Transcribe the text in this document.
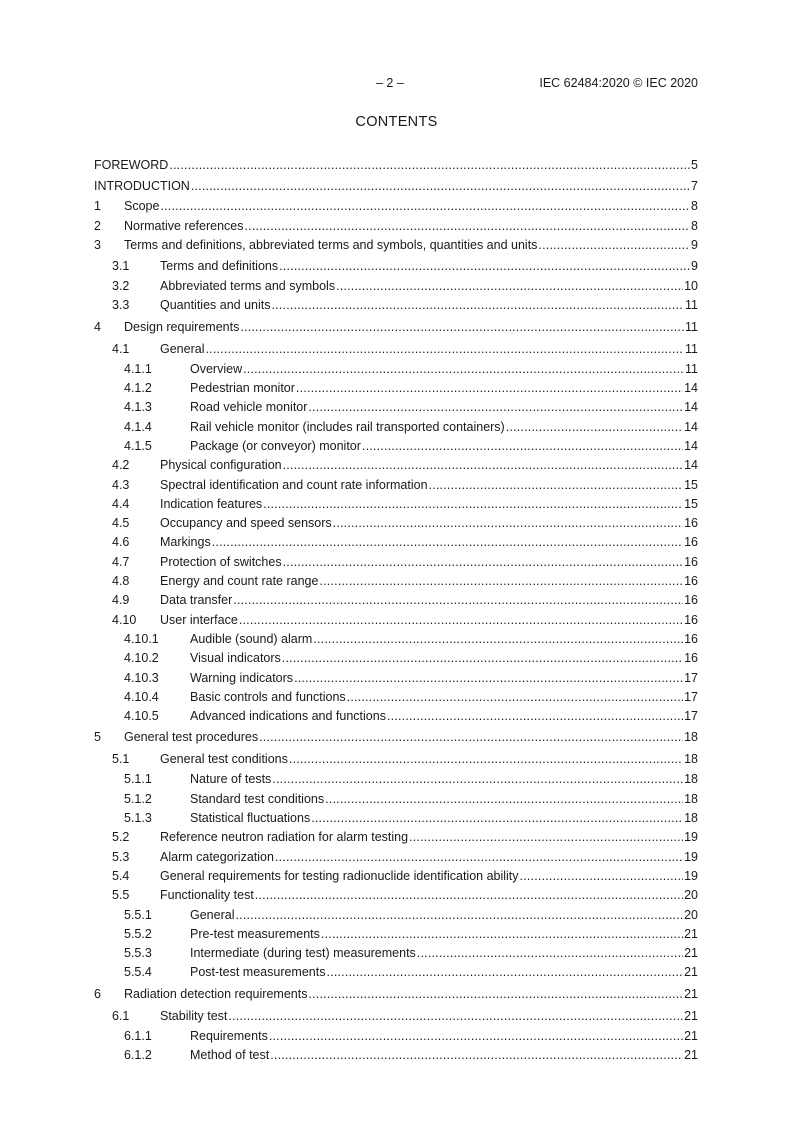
– 2 –	IEC 62484:2020 © IEC 2020
CONTENTS
FOREWORD .....	5
INTRODUCTION .....	7
1 Scope .....	8
2 Normative references .....	8
3 Terms and definitions, abbreviated terms and symbols, quantities and units .....	9
3.1 Terms and definitions .....	9
3.2 Abbreviated terms and symbols .....	10
3.3 Quantities and units .....	11
4 Design requirements .....	11
4.1 General .....	11
4.1.1	Overview .....	11
4.1.2	Pedestrian monitor .....	14
4.1.3	Road vehicle monitor .....	14
4.1.4	Rail vehicle monitor (includes rail transported containers) .....	14
4.1.5	Package (or conveyor) monitor .....	14
4.2 Physical configuration .....	14
4.3 Spectral identification and count rate information .....	15
4.4 Indication features .....	15
4.5 Occupancy and speed sensors .....	16
4.6 Markings .....	16
4.7 Protection of switches .....	16
4.8 Energy and count rate range .....	16
4.9 Data transfer .....	16
4.10 User interface .....	16
4.10.1 Audible (sound) alarm .....	16
4.10.2 Visual indicators .....	16
4.10.3 Warning indicators .....	17
4.10.4 Basic controls and functions .....	17
4.10.5 Advanced indications and functions .....	17
5 General test procedures .....	18
5.1 General test conditions .....	18
5.1.1	Nature of tests .....	18
5.1.2	Standard test conditions .....	18
5.1.3	Statistical fluctuations .....	18
5.2 Reference neutron radiation for alarm testing .....	19
5.3 Alarm categorization .....	19
5.4 General requirements for testing radionuclide identification ability .....	19
5.5 Functionality test .....	20
5.5.1	General .....	20
5.5.2	Pre-test measurements .....	21
5.5.3	Intermediate (during test) measurements .....	21
5.5.4	Post-test measurements .....	21
6 Radiation detection requirements .....	21
6.1 Stability test .....	21
6.1.1	Requirements .....	21
6.1.2	Method of test .....	21
